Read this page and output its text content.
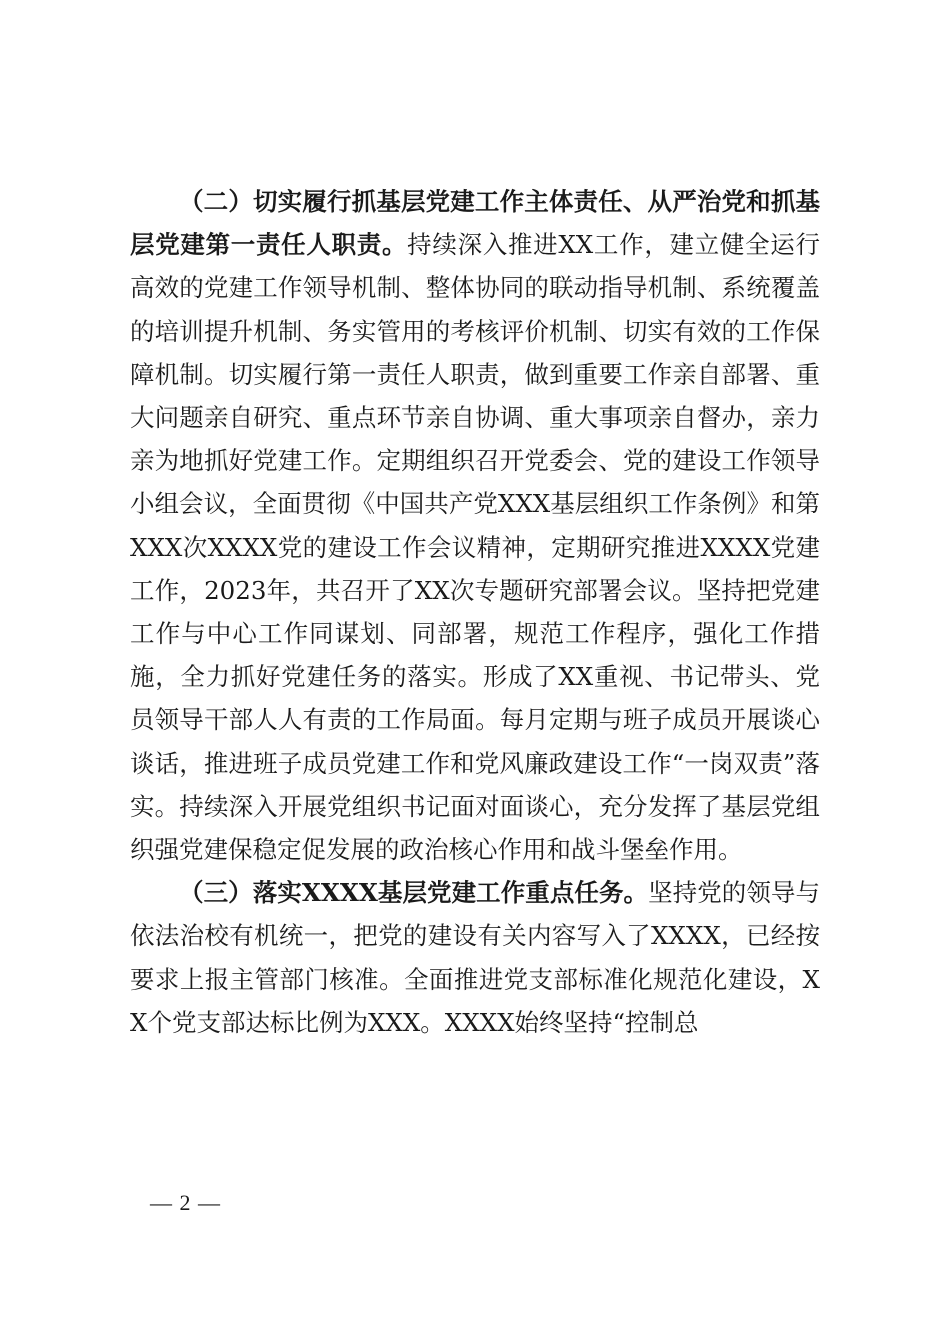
（二）切实履行抓基层党建工作主体责任、从严治党和抓基层党建第一责任人职责。持续深入推进XX工作，建立健全运行高效的党建工作领导机制、整体协同的联动指导机制、系统覆盖的培训提升机制、务实管用的考核评价机制、切实有效的工作保障机制。切实履行第一责任人职责，做到重要工作亲自部署、重大问题亲自研究、重点环节亲自协调、重大事项亲自督办，亲力亲为地抓好党建工作。定期组织召开党委会、党的建设工作领导小组会议，全面贯彻《中国共产党XXX基层组织工作条例》和第XXX次XXXX党的建设工作会议精神，定期研究推进XXXX党建工作，2023年，共召开了XX次专题研究部署会议。坚持把党建工作与中心工作同谋划、同部署，规范工作程序，强化工作措施，全力抓好党建任务的落实。形成了XX重视、书记带头、党员领导干部人人有责的工作局面。每月定期与班子成员开展谈心谈话，推进班子成员党建工作和党风廉政建设工作“一岗双责”落实。持续深入开展党组织书记面对面谈心，充分发挥了基层党组织强党建保稳定促发展的政治核心作用和战斗堡垒作用。

（三）落实XXXX基层党建工作重点任务。坚持党的领导与依法治校有机统一，把党的建设有关内容写入了XXXX，已经按要求上报主管部门核准。全面推进党支部标准化规范化建设，XX个党支部达标比例为XXX。XXXX始终坚持“控制总

— 2 —
